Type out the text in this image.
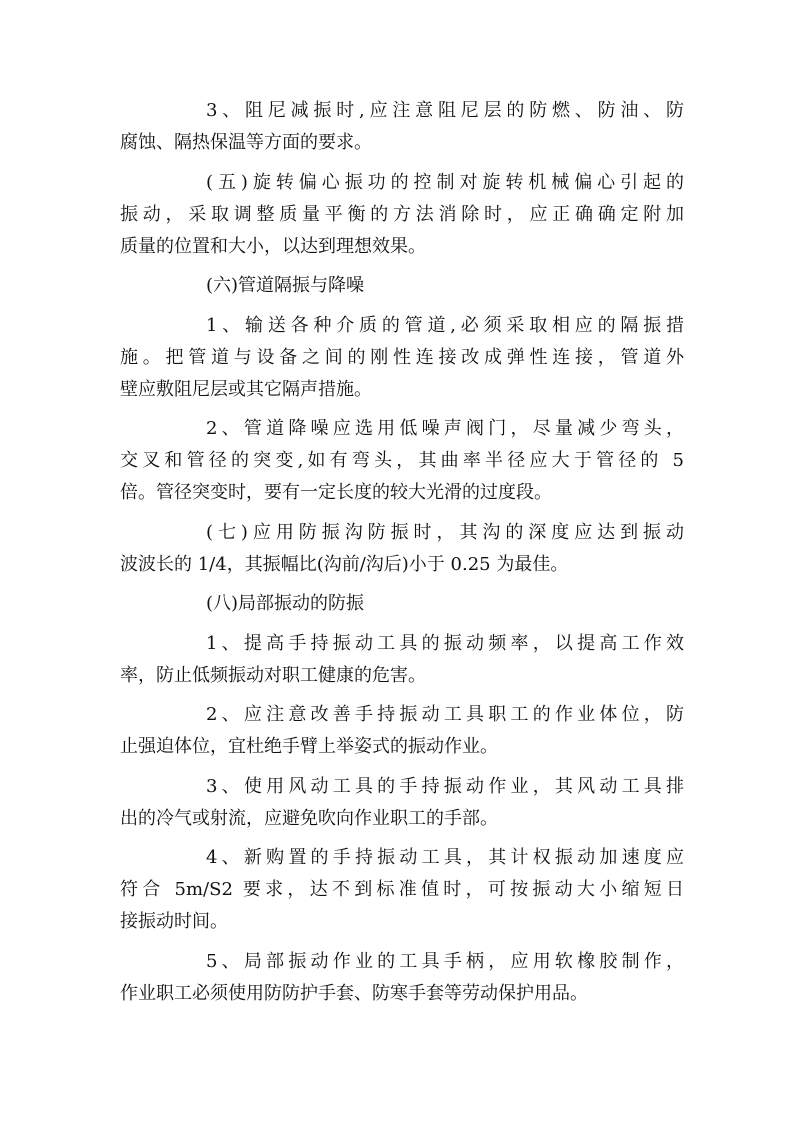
3、阻尼减振时,应注意阻尼层的防燃、防油、防
腐蚀、隔热保温等方面的要求。
(五)旋转偏心振功的控制对旋转机械偏心引起的
振动，采取调整质量平衡的方法消除时，应正确确定附加
质量的位置和大小，以达到理想效果。
(六)管道隔振与降噪
1、输送各种介质的管道,必须采取相应的隔振措
施。把管道与设备之间的刚性连接改成弹性连接，管道外
壁应敷阻尼层或其它隔声措施。
2、管道降噪应选用低噪声阀门，尽量减少弯头，
交叉和管径的突变,如有弯头，其曲率半径应大于管径的 5
倍。管径突变时，要有一定长度的较大光滑的过度段。
(七)应用防振沟防振时，其沟的深度应达到振动
波波长的 1/4，其振幅比(沟前/沟后)小于 0.25 为最佳。
(八)局部振动的防振
1、提高手持振动工具的振动频率，以提高工作效
率，防止低频振动对职工健康的危害。
2、应注意改善手持振动工具职工的作业体位，防
止强迫体位，宜杜绝手臂上举姿式的振动作业。
3、使用风动工具的手持振动作业，其风动工具排
出的冷气或射流，应避免吹向作业职工的手部。
4、新购置的手持振动工具，其计权振动加速度应
符合 5m/S2 要求，达不到标准值时，可按振动大小缩短日
接振动时间。
5、局部振动作业的工具手柄，应用软橡胶制作，
作业职工必须使用防防护手套、防寒手套等劳动保护用品。
